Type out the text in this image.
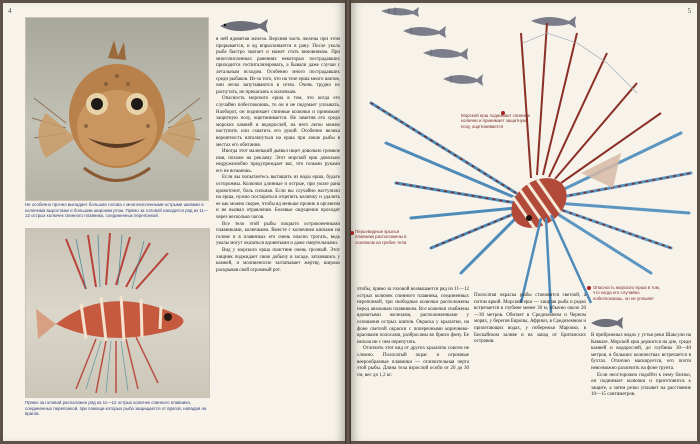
4
Не особенно прочно выпадает большая голова с многочисленными острыми шипами и колючими выростами и большим широким ртом. Прямо за головой находится ряд из 11—12 острых колючек спинного плавника, соединенных перепонкой.
Прямо за головой расположен ряд из 11—12 острых колючек спинного плавника, соединенных перепонкой, при помощи которых рыба защищается от врагов, нападая на врагов.

в ней ядовитая железа. Верхняя часть железы при этом прорывается, и яд впрыскивается в рану. После укола рыба быстро хватает и может стать виновником. При многочисленных ранениях некоторых пострадавших приходится госпитализировать, а бывали даже случаи с летальным исходом. Особенно много пострадавших среди рыбаков. Из-за того, что на теле ерша много шипов, они легко запутываются в сетях. Очень трудно их распутать, не прикасаясь к колючкам.

Опасность морского ерша в том, что когда его случайно побеспокоишь, то он и не подумает уплывать. Наоборот, он поднимает спинные колючки и принимает защитную позу, ощетинивается. Не заметив его среди морских камней и водорослей, на него легко можно наступить или схватить его рукой. Особенно велика вероятность натолкнуться на ерша при ловле рыбы в местах его обитания.

Иногда этот маленький дьявол ищет довольно громкое имя, похоже на рекламу. Этот морской ерш довольно недружелюбно предупреждает вас, что голыми руками его не возьмешь.

Если вы попытаетесь вытащить из воды ерша, будьте осторожны. Колючки длинные и острые, при уколе рана кровоточит, боль сильная. Если вы случайно наступили на ерша, нужно постараться отцепить колючку и удалить ее как можно скорее, чтобы яд меньше проник в организм и не вызвал отравления. Болевые ощущения проходят через несколько часов.

Все тело этой рыбы покрыто остроконечными плавниками, колючками. Вместе с колючими шипами на голове и в плавниках его очень опасно трогать, ведь уколы могут оказаться ядовитыми и даже смертельными.

Вид у морского ерша поистине очень грозный. Этот хищник поджидает свою добычу в засаде, затаившись у камней, и молниеносно заглатывает жертву, широко раскрывая свой огромный рот.

5
Морской ерш поднимает спинные колючки и принимает защитную позу, ощетинивается
Перьевидные крылья плавники расположены в основном на гребне тела
Опасность морского ерша в том, что когда его случайно побеспокоишь, он не уплывет

чтобы, прямо за головой возвышается ряд из 11—12 острых колючек спинного плавника, соединенных перепонкой, три свободные колючки расположены перед анальным плавником. Все колючки снабжены ядовитыми железами, расположенными у основания острых шипов. Окраска у крылатки, на фоне светлой окраски с поперечными коричнево-красными полосами, разбросаны во брюхо фону. Ее нельзя ни с чем перепутать.

Отличить этот вид от других крылаток совсем не сложно. Полосатый окрас и огромные веерообразные плавники — отличительная черта этой рыбы. Длина тела взрослой особи от 20 до 30 см, вес до 1,2 кг.

Полосатая окраска рыбы становится светлой, а потом яркой. Морской ерш — хищная рыба и редко встречается в глубине менее 30 м, обычно около 20—30 метров. Обитает в Средиземном и Черном морях, у берегов Европы, Африки, в Средиземном и прилегающих водах, у побережья Марокко, в Бискайском заливе и на запад от Британских островов.

В прибрежных водах у устья реки Шаксули на Кавказе. Морской ерш держится на дне, среди камней и водорослей, до глубины 30—40 метров, в больших количествах встречается в бухтах. Отлично маскируется, его почти невозможно различить на фоне грунта.

Если неосторожно подойти к нему близко, он поднимает колючки и приготовится к защите, а затем резко уплывет на расстояние 10—15 сантиметров.
